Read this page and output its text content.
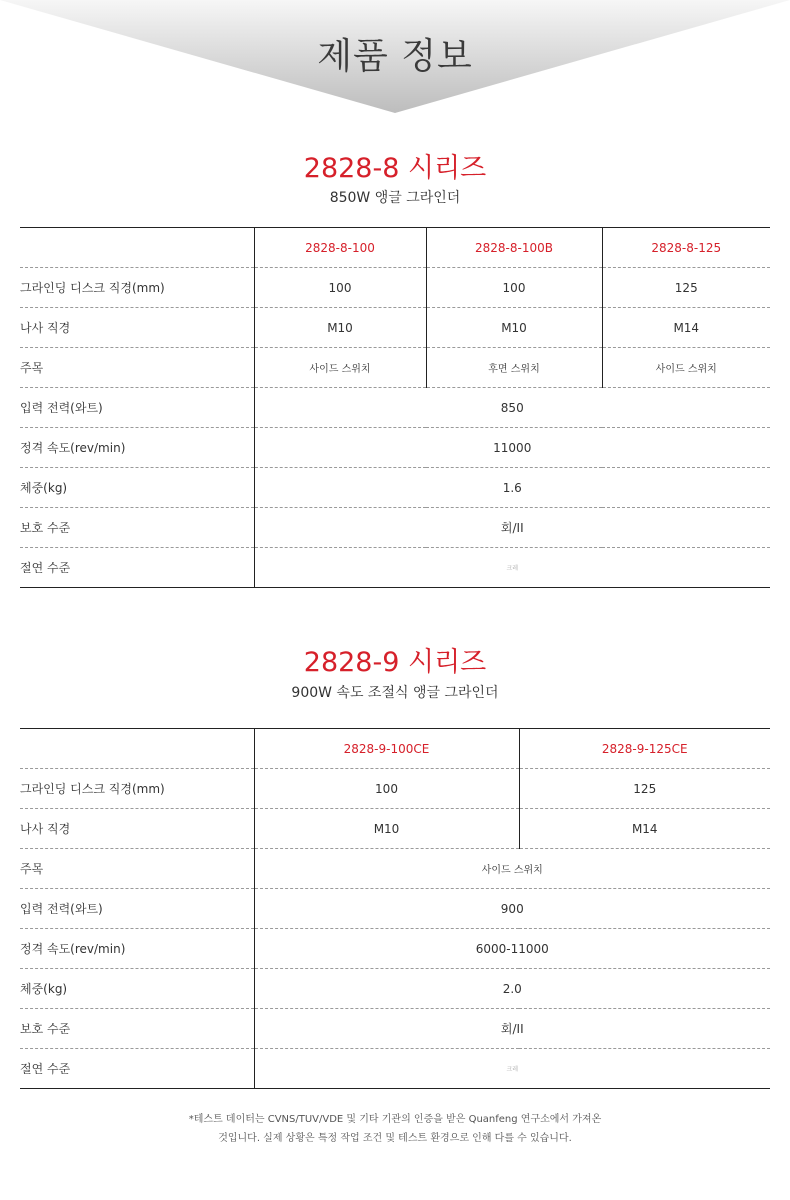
제품 정보
2828-8 시리즈
850W 앵글 그라인더
	2828-8-100	2828-8-100B	2828-8-125
그라인딩 디스크 직경(mm)	100	100	125
나사 직경	M10	M10	M14
주목	사이드 스위치	후면 스위치	사이드 스위치
입력 전력(와트)	850		
정격 속도(rev/min)	11000		
체중(kg)	1.6		
보호 수준	회/II		
절연 수준	크레		
2828-9 시리즈
900W 속도 조절식 앵글 그라인더
	2828-9-100CE	2828-9-125CE
그라인딩 디스크 직경(mm)	100	125
나사 직경	M10	M14
주목	사이드 스위치	
입력 전력(와트)	900	
정격 속도(rev/min)	6000-11000	
체중(kg)	2.0	
보호 수준	회/II	
절연 수준	크레	
*테스트 데이터는 CVNS/TUV/VDE 및 기타 기관의 인증을 받은 Quanfeng 연구소에서 가져온
것입니다. 실제 상황은 특정 작업 조건 및 테스트 환경으로 인해 다를 수 있습니다.
